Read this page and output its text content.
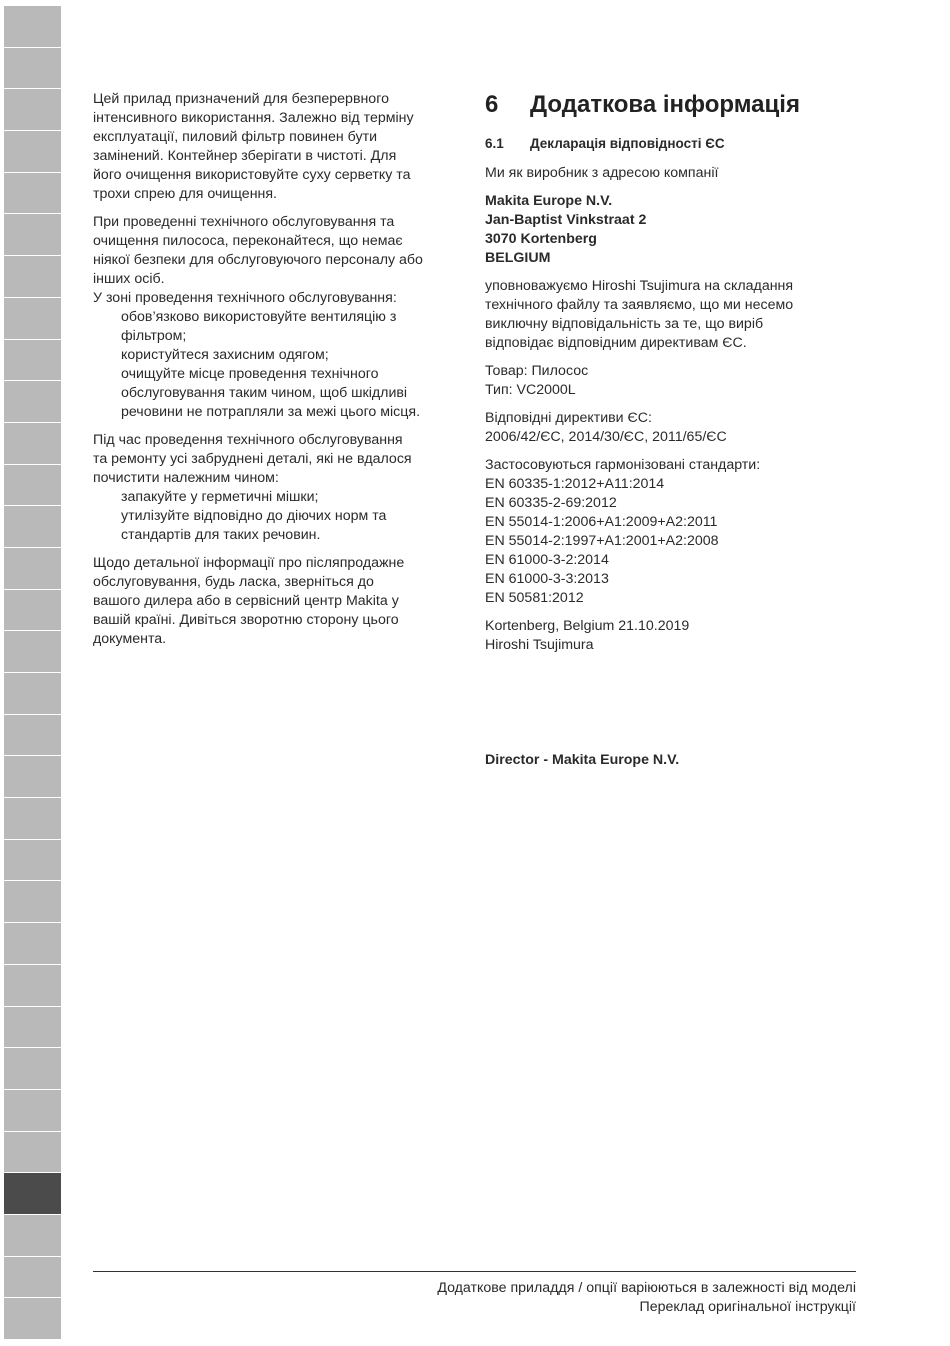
Цей прилад призначений для безперервного
інтенсивного використання. Залежно від терміну
експлуатації, пиловий фільтр повинен бути
замінений. Контейнер зберігати в чистоті. Для
його очищення використовуйте суху серветку та
трохи спрею для очищення.

При проведенні технічного обслуговування та
очищення пилососа, переконайтеся, що немає
ніякої безпеки для обслуговуючого персоналу або
інших осіб.

У зоні проведення технічного обслуговування:
обов’язково використовуйте вентиляцію з
фільтром;
користуйтеся захисним одягом;
очищуйте місце проведення технічного
обслуговування таким чином, щоб шкідливі
речовини не потрапляли за межі цього місця.

Під час проведення технічного обслуговування
та ремонту усі забруднені деталі, які не вдалося
почистити належним чином:
запакуйте у герметичні мішки;
утилізуйте відповідно до діючих норм та
стандартів для таких речовин.

Щодо детальної інформації про післяпродажне
обслуговування, будь ласка, зверніться до
вашого дилера або в сервісний центр Makita у
вашій країні. Дивіться зворотню сторону цього
документа.

6	Додаткова інформація
6.1	Декларація відповідності ЄС

Ми як виробник з адресою компанії

Makita Europe N.V.
Jan-Baptist Vinkstraat 2
3070 Kortenberg
BELGIUM

уповноважуємо Hiroshi Tsujimura на складання
технічного файлу та заявляємо, що ми несемо
виключну відповідальність за те, що виріб
відповідає відповідним директивам ЄС.

Товар: Пилосос
Тип: VC2000L

Відповідні директиви ЄС:
2006/42/ЄС, 2014/30/ЄС, 2011/65/ЄС

Застосовуються гармонізовані стандарти:
EN 60335-1:2012+A11:2014
EN 60335-2-69:2012
EN 55014-1:2006+A1:2009+A2:2011
EN 55014-2:1997+A1:2001+A2:2008
EN 61000-3-2:2014
EN 61000-3-3:2013
EN 50581:2012

Kortenberg, Belgium 21.10.2019
Hiroshi Tsujimura

Director - Makita Europe N.V.

Додаткове приладдя / опції варіюються в залежності від моделі
Переклад оригінальної інструкції
